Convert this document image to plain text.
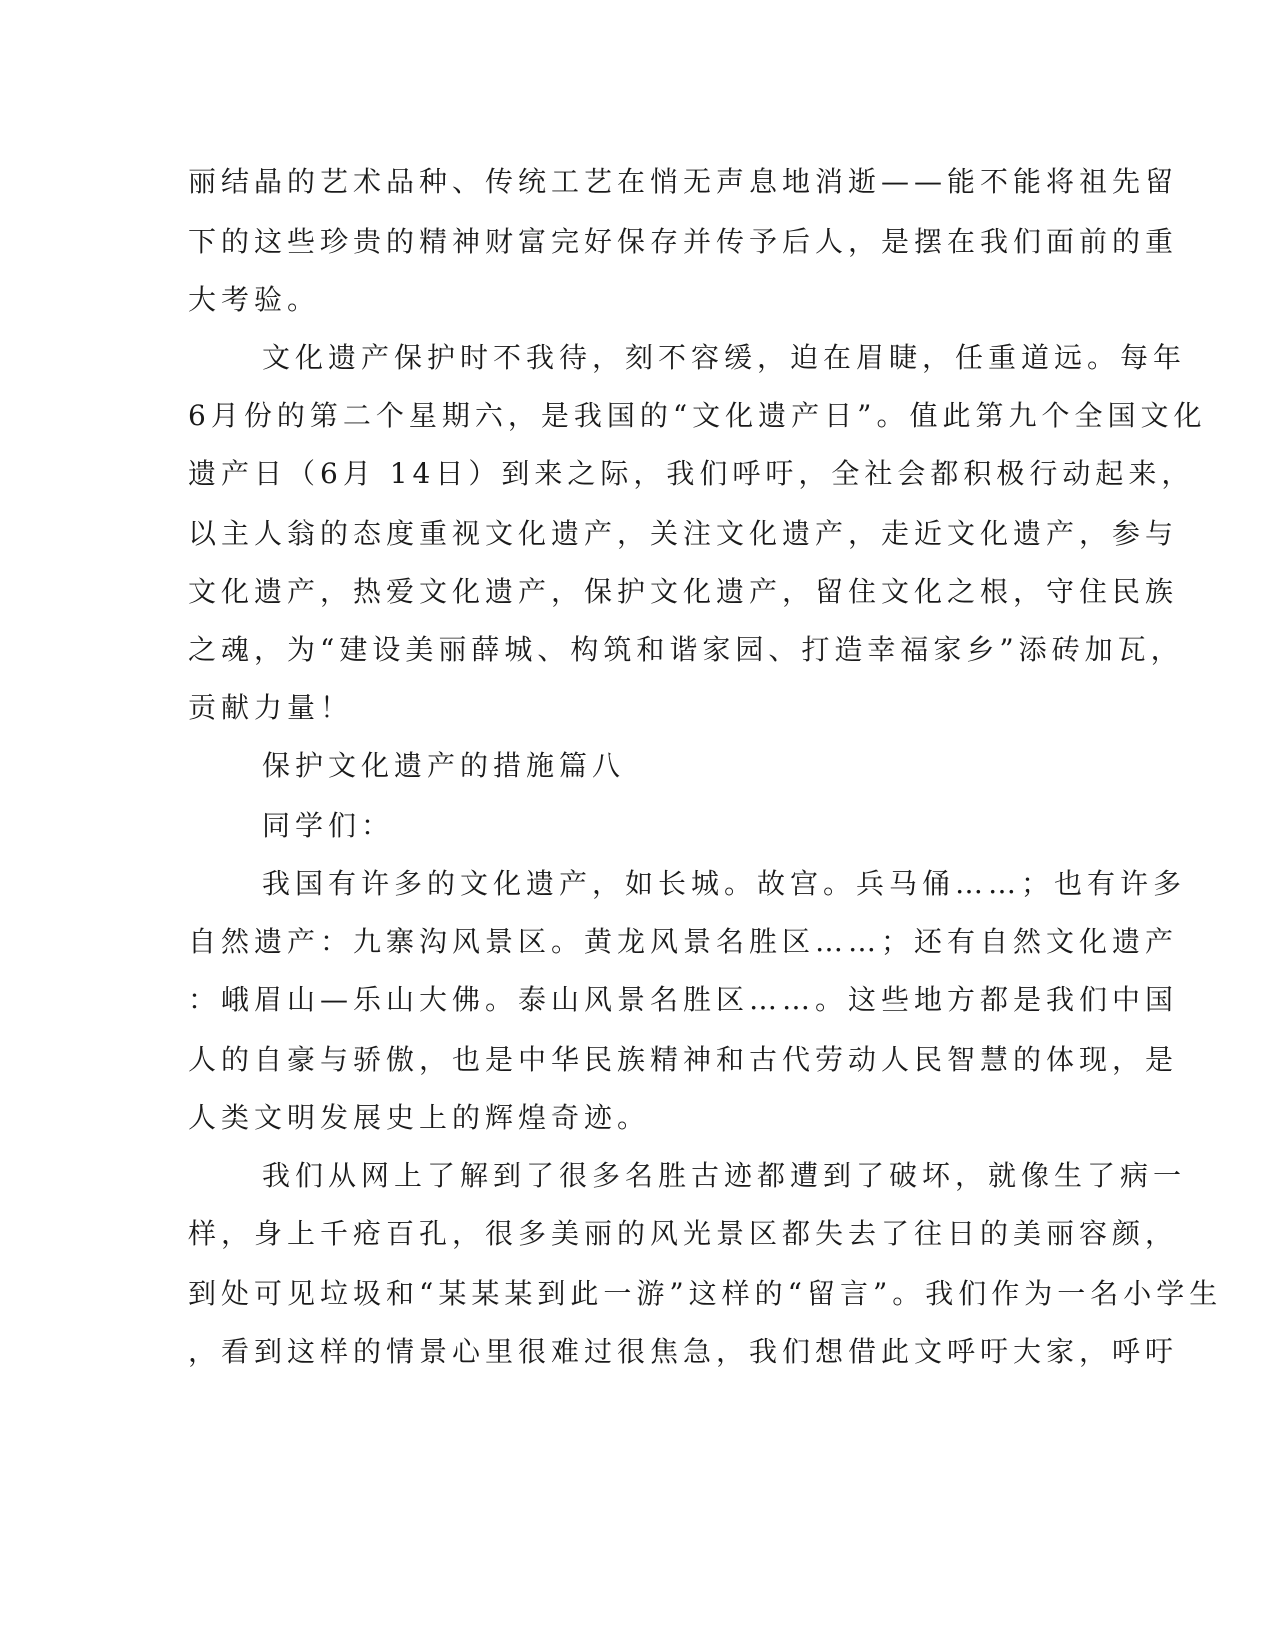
丽结晶的艺术品种、传统工艺在悄无声息地消逝——能不能将祖先留
下的这些珍贵的精神财富完好保存并传予后人，是摆在我们面前的重
大考验。
文化遗产保护时不我待，刻不容缓，迫在眉睫，任重道远。每年
6月份的第二个星期六，是我国的“文化遗产日”。值此第九个全国文化
遗产日（6月 14日）到来之际，我们呼吁，全社会都积极行动起来，
以主人翁的态度重视文化遗产，关注文化遗产，走近文化遗产，参与
文化遗产，热爱文化遗产，保护文化遗产，留住文化之根，守住民族
之魂，为“建设美丽薛城、构筑和谐家园、打造幸福家乡”添砖加瓦，
贡献力量！
保护文化遗产的措施篇八
同学们：
我国有许多的文化遗产，如长城。故宫。兵马俑……；也有许多
自然遗产：九寨沟风景区。黄龙风景名胜区……；还有自然文化遗产
：峨眉山—乐山大佛。泰山风景名胜区……。这些地方都是我们中国
人的自豪与骄傲，也是中华民族精神和古代劳动人民智慧的体现，是
人类文明发展史上的辉煌奇迹。
我们从网上了解到了很多名胜古迹都遭到了破坏，就像生了病一
样，身上千疮百孔，很多美丽的风光景区都失去了往日的美丽容颜，
到处可见垃圾和“某某某到此一游”这样的“留言”。我们作为一名小学生
，看到这样的情景心里很难过很焦急，我们想借此文呼吁大家，呼吁
